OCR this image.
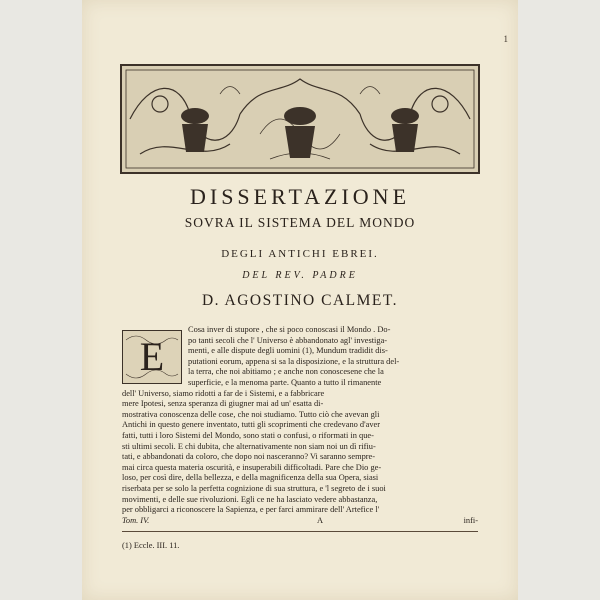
1
DISSERTAZIONE
SOVRA IL SISTEMA DEL MONDO
DEGLI ANTICHI EBREI.
DEL REV. PADRE
D. AGOSTINO CALMET.
E
Cosa inver di stupore , che si poco conoscasi il Mondo . Do-
po tanti secoli che l' Universo è abbandonato agl' investiga-
menti, e alle dispute degli uomini (1), Mundum tradidit dis-
putationi eorum, appena si sa la disposizione, e la struttura del-
la terra, che noi abitiamo ; e anche non conoscesene che la
superficie, e la menoma parte. Quanto a tutto il rimanente
dell' Universo, siamo ridotti a far de i Sistemi, e a fabbricare
mere Ipotesi, senza speranza di giugner mai ad un' esatta di-
mostrativa conoscenza delle cose, che noi studiamo. Tutto ciò che avevan gli
Antichi in questo genere inventato, tutti gli scoprimenti che credevano d'aver
fatti, tutti i loro Sistemi del Mondo, sono stati o confusi, o riformati in que-
sti ultimi secoli. E chi dubita, che alternativamente non siam noi un dì rifiu-
tati, e abbandonati da coloro, che dopo noi nasceranno? Vi saranno sempre-
mai circa questa materia oscurità, e insuperabili difficoltadi. Pare che Dio ge-
loso, per così dire, della bellezza, e della magnificenza della sua Opera, siasi
riserbata per se solo la perfetta cognizione di sua struttura, e 'l segreto de i suoi
movimenti, e delle sue rivoluzioni. Egli ce ne ha lasciato vedere abbastanza,
per obbligarci a riconoscere la Sapienza, e per farci ammirare dell' Artefice l'
Tom. IV.	A	infi-
(1) Eccle. III. 11.
